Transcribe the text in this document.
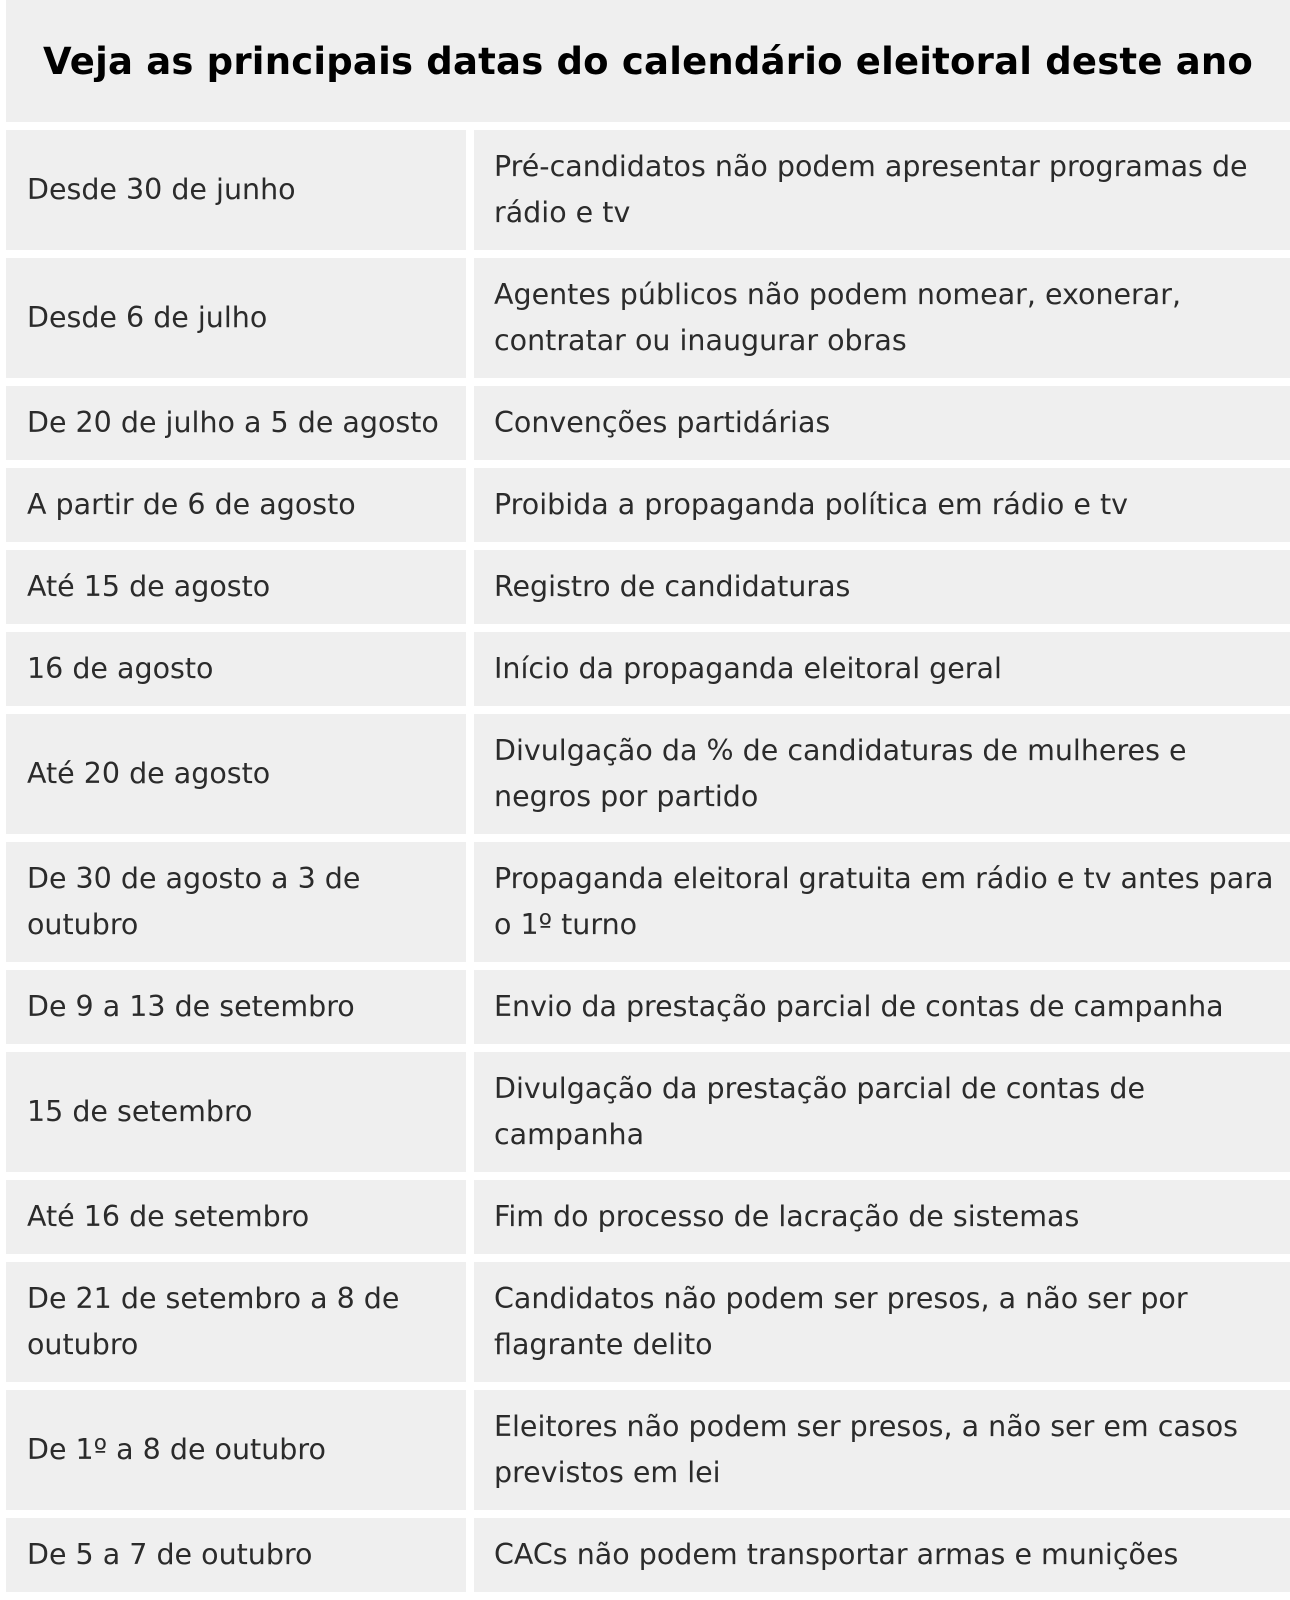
Veja as principais datas do calendário eleitoral deste ano
Desde 30 de junho	Pré-candidatos não podem apresentar programas de rádio e tv
Desde 6 de julho	Agentes públicos não podem nomear, exonerar, contratar ou inaugurar obras
De 20 de julho a 5 de agosto	Convenções partidárias
A partir de 6 de agosto	Proibida a propaganda política em rádio e tv
Até 15 de agosto	Registro de candidaturas
16 de agosto	Início da propaganda eleitoral geral
Até 20 de agosto	Divulgação da % de candidaturas de mulheres e negros por partido
De 30 de agosto a 3 de outubro	Propaganda eleitoral gratuita em rádio e tv antes para o 1º turno
De 9 a 13 de setembro	Envio da prestação parcial de contas de campanha
15 de setembro	Divulgação da prestação parcial de contas de campanha
Até 16 de setembro	Fim do processo de lacração de sistemas
De 21 de setembro a 8 de outubro	Candidatos não podem ser presos, a não ser por flagrante delito
De 1º a 8 de outubro	Eleitores não podem ser presos, a não ser em casos previstos em lei
De 5 a 7 de outubro	CACs não podem transportar armas e munições
